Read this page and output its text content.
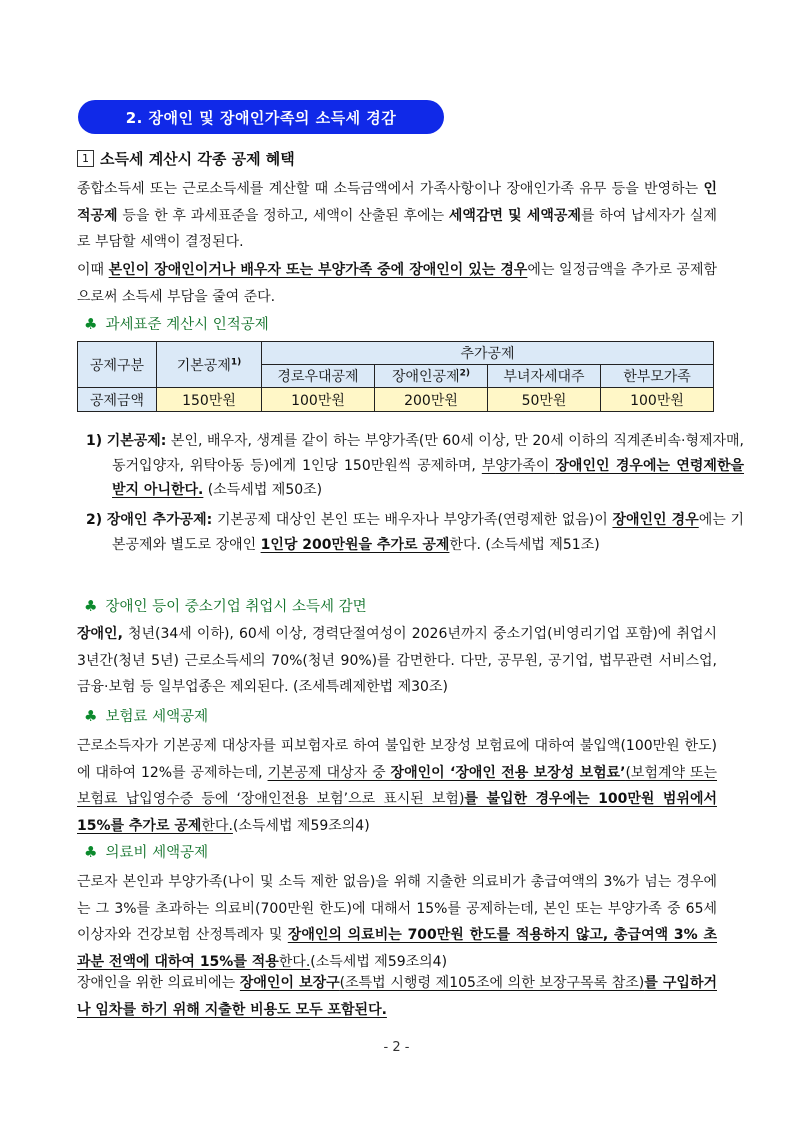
2. 장애인 및 장애인가족의 소득세 경감
1 소득세 계산시 각종 공제 혜택

종합소득세 또는 근로소득세를 계산할 때 소득금액에서 가족사항이나 장애인가족 유무 등을 반영하는 인적공제 등을 한 후 과세표준을 정하고, 세액이 산출된 후에는 세액감면 및 세액공제를 하여 납세자가 실제로 부담할 세액이 결정된다.

이때 본인이 장애인이거나 배우자 또는 부양가족 중에 장애인이 있는 경우에는 일정금액을 추가로 공제함으로써 소득세 부담을 줄여 준다.

♣ 과세표준 계산시 인적공제
공제구분	기본공제$^{1)}$	추가공제			
		경로우대공제	장애인공제$^{2)}$	부녀자세대주	한부모가족
공제금액	150만원	100만원	200만원	50만원	100만원

1) 기본공제: 본인, 배우자, 생계를 같이 하는 부양가족(만 60세 이상, 만 20세 이하의 직계존비속·형제자매, 동거입양자, 위탁아동 등)에게 1인당 150만원씩 공제하며, 부양가족이 장애인인 경우에는 연령제한을 받지 아니한다. (소득세법 제50조)

2) 장애인 추가공제: 기본공제 대상인 본인 또는 배우자나 부양가족(연령제한 없음)이 장애인인 경우에는 기본공제와 별도로 장애인 1인당 200만원을 추가로 공제한다. (소득세법 제51조)

♣ 장애인 등이 중소기업 취업시 소득세 감면

장애인, 청년(34세 이하), 60세 이상, 경력단절여성이 2026년까지 중소기업(비영리기업 포함)에 취업시 3년간(청년 5년) 근로소득세의 70%(청년 90%)를 감면한다. 다만, 공무원, 공기업, 법무관련 서비스업, 금융·보험 등 일부업종은 제외된다. (조세특례제한법 제30조)

♣ 보험료 세액공제

근로소득자가 기본공제 대상자를 피보험자로 하여 불입한 보장성 보험료에 대하여 불입액(100만원 한도)에 대하여 12%를 공제하는데, 기본공제 대상자 중 장애인이 ‘장애인 전용 보장성 보험료’(보험계약 또는 보험료 납입영수증 등에 ‘장애인전용 보험’으로 표시된 보험)를 불입한 경우에는 100만원 범위에서 15%를 추가로 공제한다.(소득세법 제59조의4)

♣ 의료비 세액공제

근로자 본인과 부양가족(나이 및 소득 제한 없음)을 위해 지출한 의료비가 총급여액의 3%가 넘는 경우에는 그 3%를 초과하는 의료비(700만원 한도)에 대해서 15%를 공제하는데, 본인 또는 부양가족 중 65세 이상자와 건강보험 산정특례자 및 장애인의 의료비는 700만원 한도를 적용하지 않고, 총급여액 3% 초과분 전액에 대하여 15%를 적용한다.(소득세법 제59조의4)

장애인을 위한 의료비에는 장애인이 보장구(조특법 시행령 제105조에 의한 보장구목록 참조)를 구입하거나 임차를 하기 위해 지출한 비용도 모두 포함된다.

- 2 -
